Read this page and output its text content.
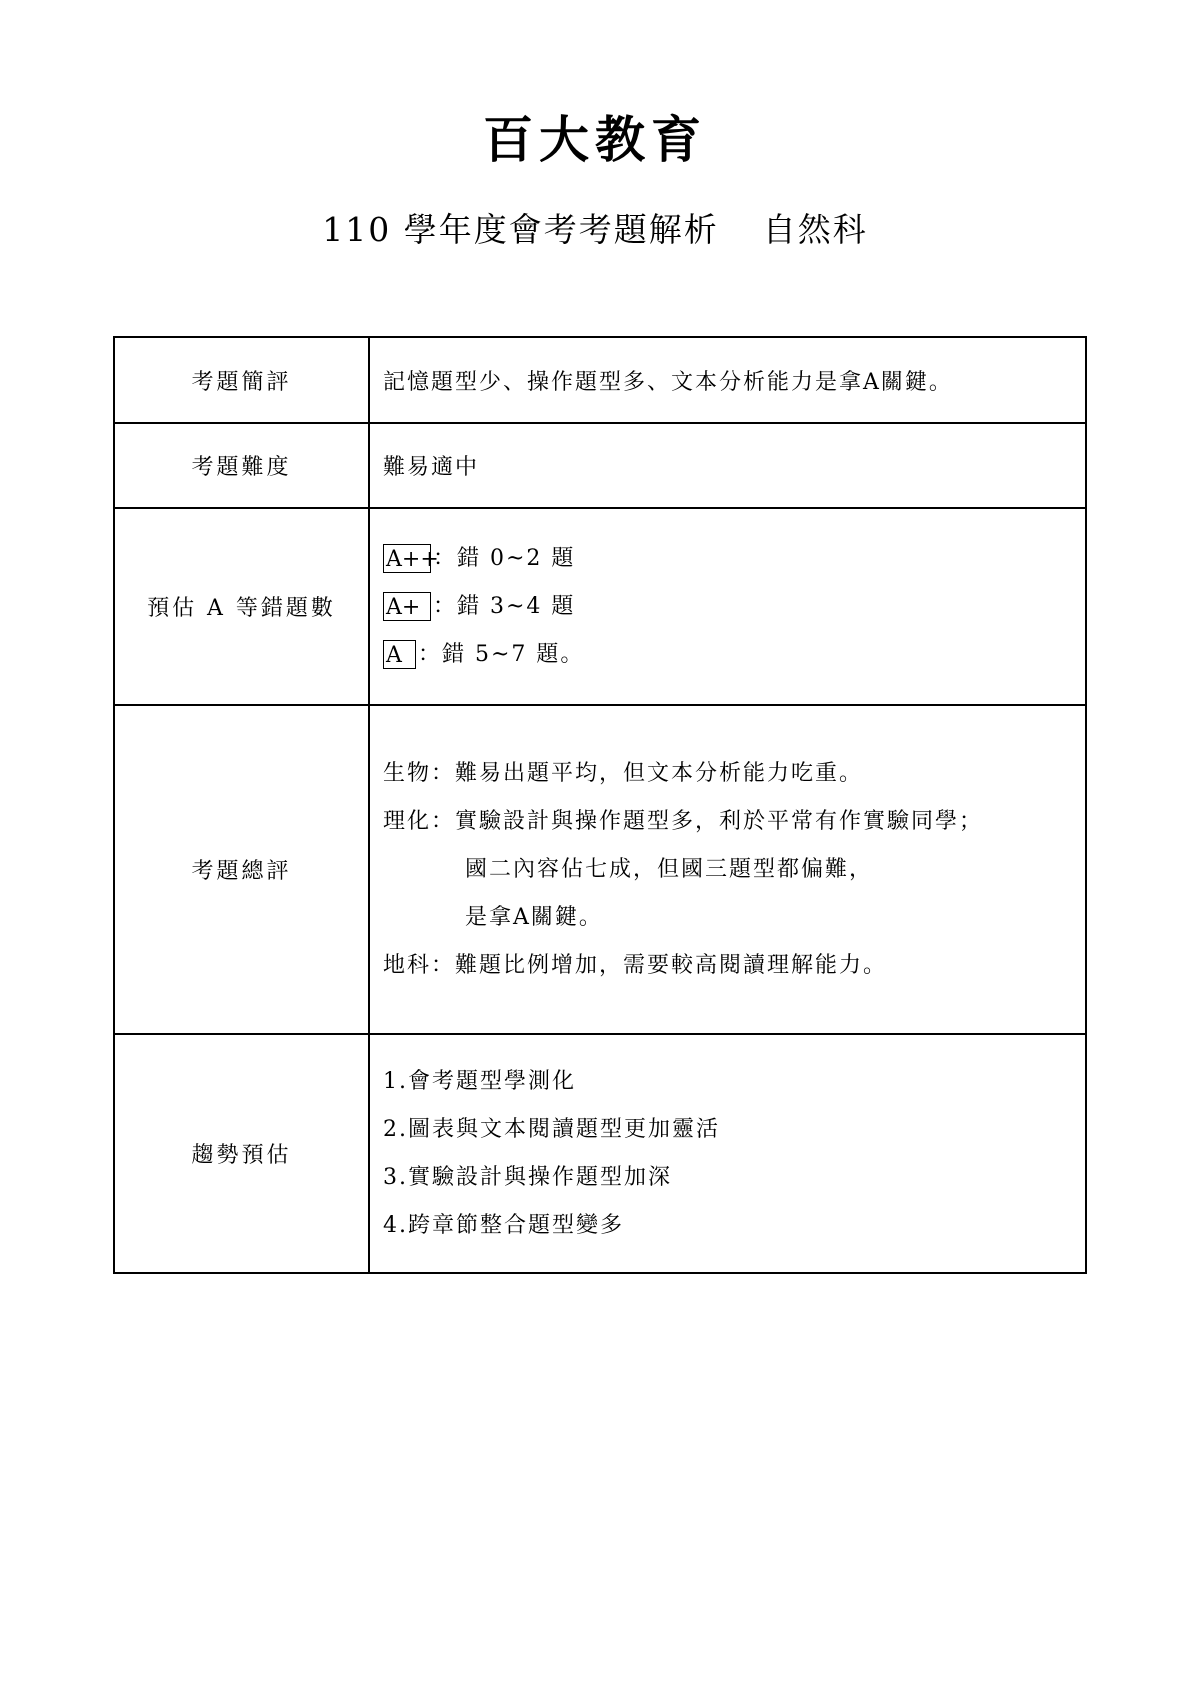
百大教育
110 學年度會考考題解析 自然科
考題簡評	記憶題型少、操作題型多、文本分析能力是拿A關鍵。
考題難度	難易適中
預估 A 等錯題數	A++：錯 0~2 題
A+ ：錯 3~4 題
A ：錯 5~7 題。

考題總評	生物：難易出題平均，但文本分析能力吃重。
理化：實驗設計與操作題型多，利於平常有作實驗同學；
國二內容佔七成，但國三題型都偏難，
是拿A關鍵。
地科：難題比例增加，需要較高閱讀理解能力。

趨勢預估	1.會考題型學測化
2.圖表與文本閱讀題型更加靈活
3.實驗設計與操作題型加深
4.跨章節整合題型變多
